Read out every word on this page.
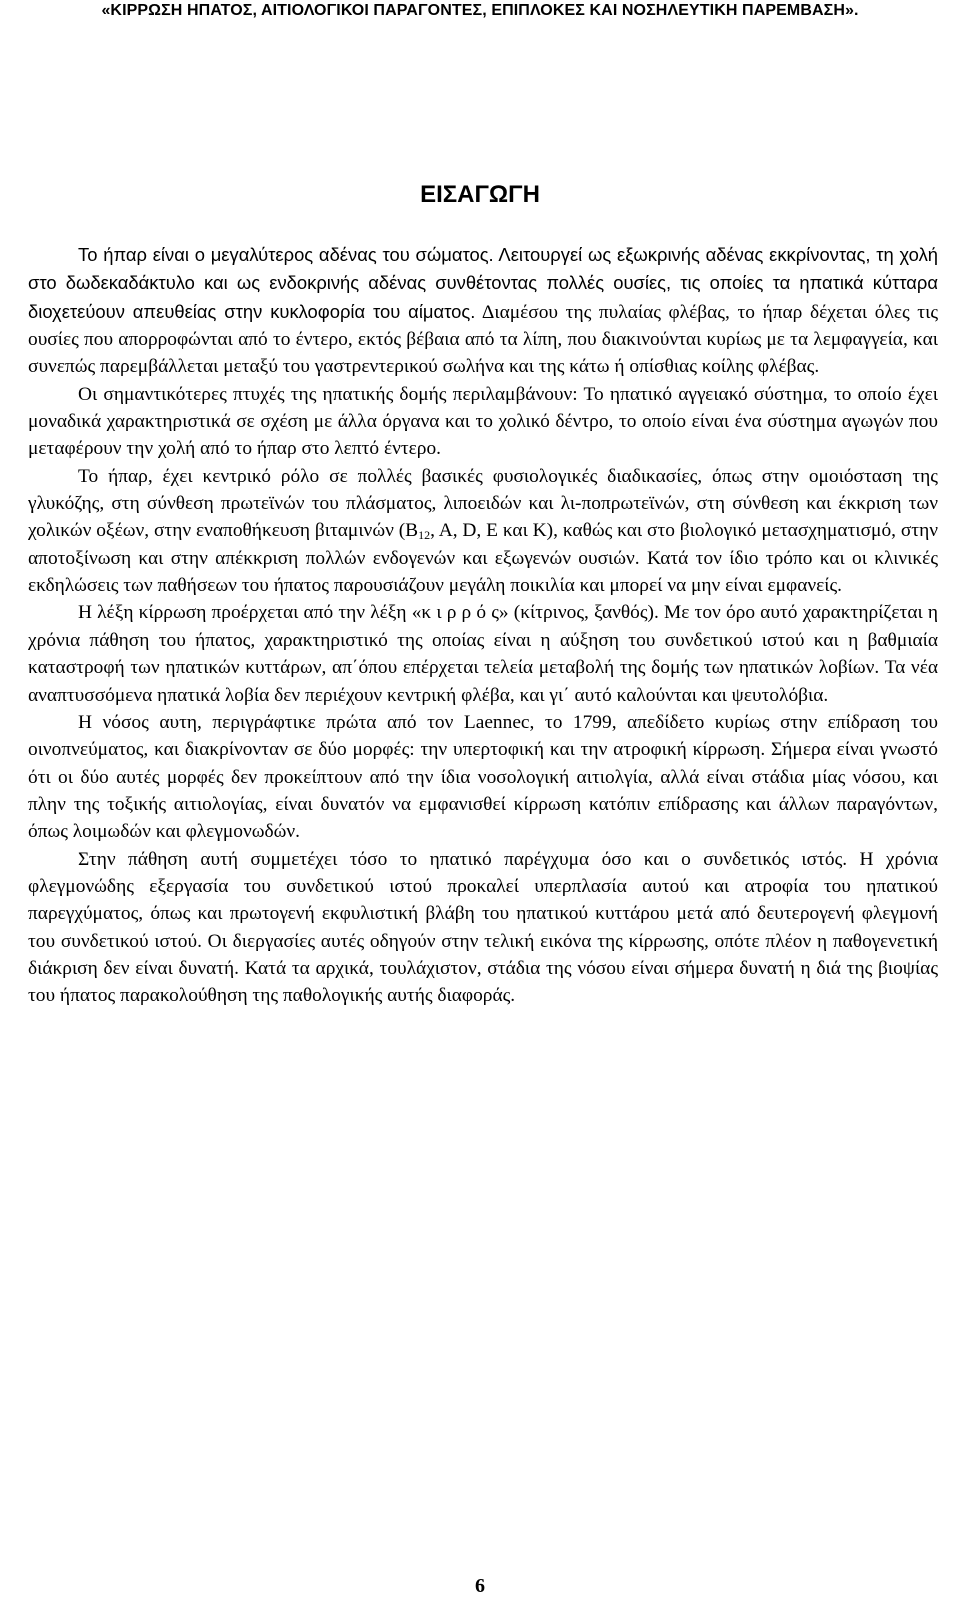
«ΚΙΡΡΩΣΗ ΗΠΑΤΟΣ, ΑΙΤΙΟΛΟΓΙΚΟΙ ΠΑΡΑΓΟΝΤΕΣ, ΕΠΙΠΛΟΚΕΣ ΚΑΙ ΝΟΣΗΛΕΥΤΙΚΗ ΠΑΡΕΜΒΑΣΗ».
ΕΙΣΑΓΩΓΗ

Το ήπαρ είναι ο μεγαλύτερος αδένας του σώματος. Λειτουργεί ως εξωκρινής αδένας εκκρίνοντας, τη χολή στο δωδεκαδάκτυλο και ως ενδοκρινής αδένας συνθέτοντας πολλές ουσίες, τις οποίες τα ηπατικά κύτταρα διοχετεύουν απευθείας στην κυκλοφορία του αίματος. Διαμέσου της πυλαίας φλέβας, το ήπαρ δέχεται όλες τις ουσίες που απορροφώνται από το έντερο, εκτός βέβαια από τα λίπη, που διακινούνται κυρίως με τα λεμφαγγεία, και συνεπώς παρεμβάλλεται μεταξύ του γαστρεντερικού σωλήνα και της κάτω ή οπίσθιας κοίλης φλέβας.

Οι σημαντικότερες πτυχές της ηπατικής δομής περιλαμβάνουν: Το ηπατικό αγγειακό σύστημα, το οποίο έχει μοναδικά χαρακτηριστικά σε σχέση με άλλα όργανα και το χολικό δέντρο, το οποίο είναι ένα σύστημα αγωγών που μεταφέρουν την χολή από το ήπαρ στο λεπτό έντερο.

Το ήπαρ, έχει κεντρικό ρόλο σε πολλές βασικές φυσιολογικές διαδικασίες, όπως στην ομοιόσταση της γλυκόζης, στη σύνθεση πρωτεϊνών του πλάσματος, λιποειδών και λι-ποπρωτεϊνών, στη σύνθεση και έκκριση των χολικών οξέων, στην εναποθήκευση βιταμινών ($B_{12}$, Α, D, Ε και Κ), καθώς και στο βιολογικό μετασχηματισμό, στην αποτοξίνωση και στην απέκκριση πολλών ενδογενών και εξωγενών ουσιών. Κατά τον ίδιο τρόπο και οι κλινικές εκδηλώσεις των παθήσεων του ήπατος παρουσιάζουν μεγάλη ποικιλία και μπορεί να μην είναι εμφανείς.

Η λέξη κίρρωση προέρχεται από την λέξη «κ ι ρ ρ ό ς» (κίτρινος, ξανθός). Με τον όρο αυτό χαρακτηρίζεται η χρόνια πάθηση του ήπατος, χαρακτηριστικό της οποίας είναι η αύξηση του συνδετικού ιστού και η βαθμιαία καταστροφή των ηπατικών κυττάρων, απ΄όπου επέρχεται τελεία μεταβολή της δομής των ηπατικών λοβίων. Τα νέα αναπτυσσόμενα ηπατικά λοβία δεν περιέχουν κεντρική φλέβα, και γι΄ αυτό καλούνται και ψευτολόβια.

Η νόσος αυτη, περιγράφτικε πρώτα από τον Laennec, το 1799, απεδίδετο κυρίως στην επίδραση του οινοπνεύματος, και διακρίνονταν σε δύο μορφές: την υπερτοφική και την ατροφική κίρρωση. Σήμερα είναι γνωστό ότι οι δύο αυτές μορφές δεν προκείπτουν από την ίδια νοσολογική αιτιολγία, αλλά είναι στάδια μίας νόσου, και πλην της τοξικής αιτιολογίας, είναι δυνατόν να εμφανισθεί κίρρωση κατόπιν επίδρασης και άλλων παραγόντων, όπως λοιμωδών και φλεγμονωδών.

Στην πάθηση αυτή συμμετέχει τόσο το ηπατικό παρέγχυμα όσο και ο συνδετικός ιστός. Η χρόνια φλεγμονώδης εξεργασία του συνδετικού ιστού προκαλεί υπερπλασία αυτού και ατροφία του ηπατικού παρεγχύματος, όπως και πρωτογενή εκφυλιστική βλάβη του ηπατικού κυττάρου μετά από δευτερογενή φλεγμονή του συνδετικού ιστού. Οι διεργασίες αυτές οδηγούν στην τελική εικόνα της κίρρωσης, οπότε πλέον η παθογενετική διάκριση δεν είναι δυνατή. Κατά τα αρχικά, τουλάχιστον, στάδια της νόσου είναι σήμερα δυνατή η διά της βιοψίας του ήπατος παρακολούθηση της παθολογικής αυτής διαφοράς.

6
